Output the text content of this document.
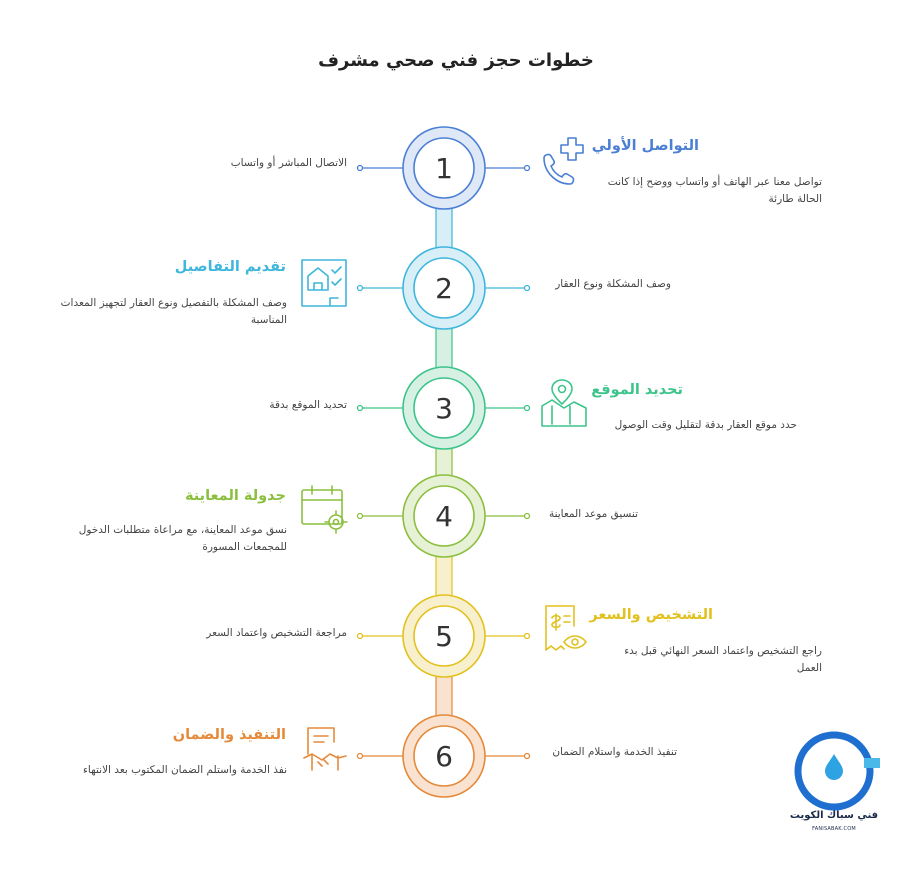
خطوات حجز فني صحي مشرف
1
2
3
4
5
6
التواصل الأولي
تواصل معنا عبر الهاتف أو واتساب ووضح إذا كانت الحالة طارئة
الاتصال المباشر أو واتساب
تقديم التفاصيل
وصف المشكلة بالتفصيل ونوع العقار لتجهيز المعدات المناسبة
وصف المشكلة ونوع العقار
تحديد الموقع
حدد موقع العقار بدقة لتقليل وقت الوصول
تحديد الموقع بدقة
جدولة المعاينة
نسق موعد المعاينة، مع مراعاة متطلبات الدخول للمجمعات المسورة
تنسيق موعد المعاينة
التشخيص والسعر
راجع التشخيص واعتماد السعر النهائي قبل بدء العمل
مراجعة التشخيص واعتماد السعر
التنفيذ والضمان
نفذ الخدمة واستلم الضمان المكتوب بعد الانتهاء
تنفيذ الخدمة واستلام الضمان
فني سباك الكويت
FANISABAK.COM
